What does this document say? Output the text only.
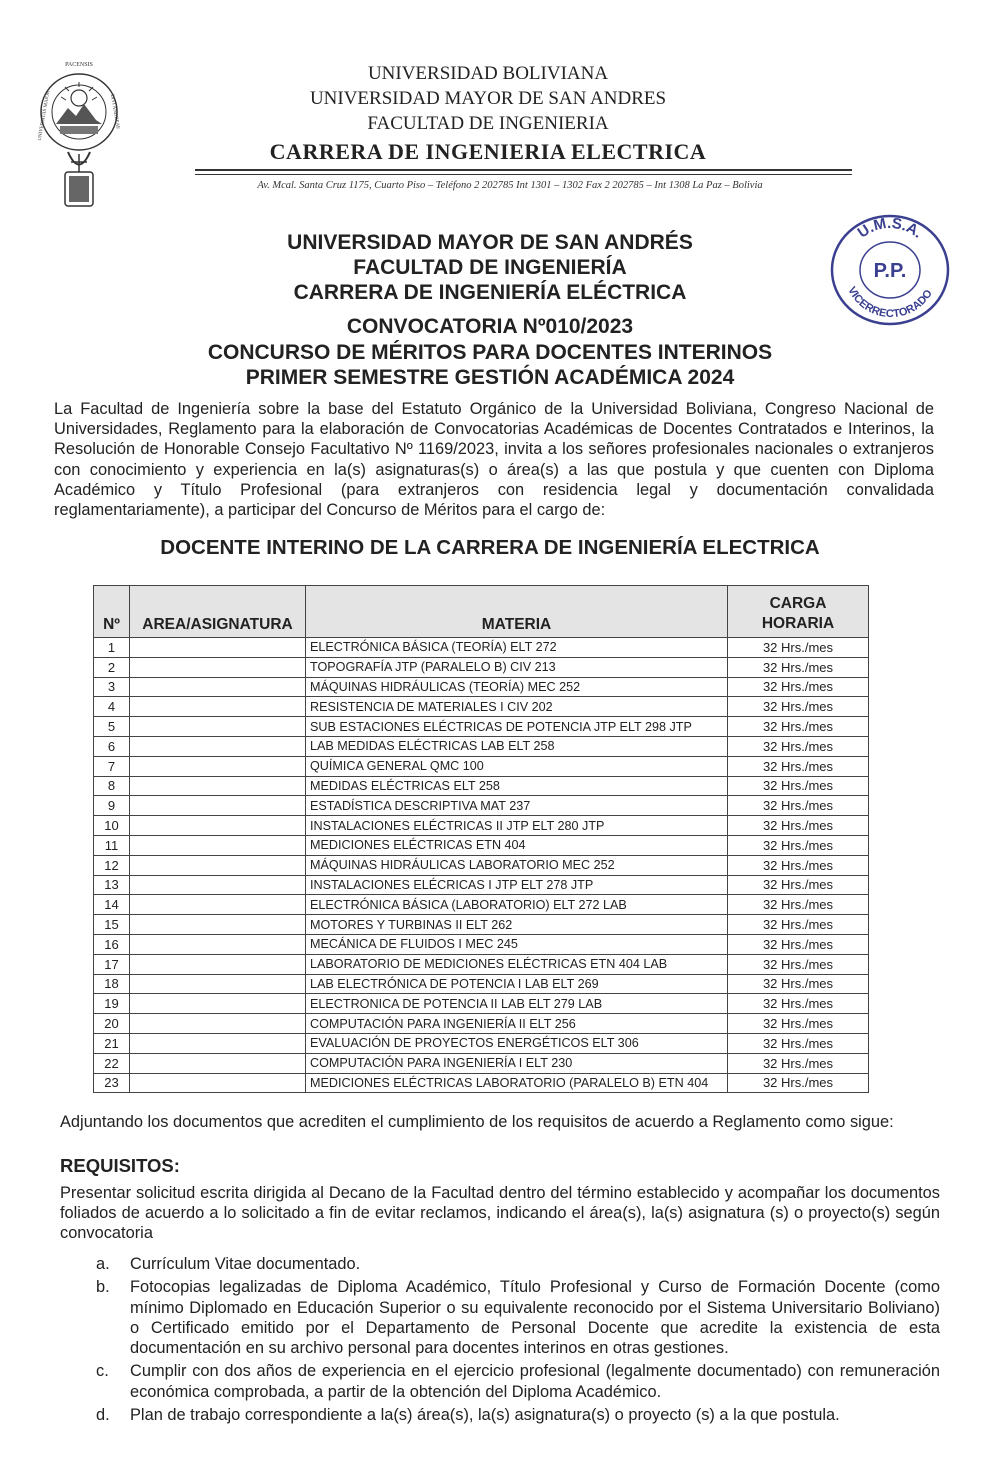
PACENSIS
UNIVERSITAS MAJOR	DIVI ANDREAE
UNIVERSIDAD BOLIVIANA
UNIVERSIDAD MAYOR DE SAN ANDRES
FACULTAD DE INGENIERIA
CARRERA DE INGENIERIA ELECTRICA
Av. Mcal. Santa Cruz 1175, Cuarto Piso – Teléfono 2 202785 Int 1301 – 1302 Fax 2 202785 – Int 1308 La Paz – Bolivia
U.M.S.A.
P.P.
VICERRECTORADO
UNIVERSIDAD MAYOR DE SAN ANDRÉS
FACULTAD DE INGENIERÍA
CARRERA DE INGENIERÍA ELÉCTRICA
CONVOCATORIA Nº010/2023
CONCURSO DE MÉRITOS PARA DOCENTES INTERINOS
PRIMER SEMESTRE GESTIÓN ACADÉMICA 2024
La Facultad de Ingeniería sobre la base del Estatuto Orgánico de la Universidad Boliviana, Congreso Nacional de Universidades, Reglamento para la elaboración de Convocatorias Académicas de Docentes Contratados e Interinos, la Resolución de Honorable Consejo Facultativo Nº 1169/2023, invita a los señores profesionales nacionales o extranjeros con conocimiento y experiencia en la(s) asignaturas(s) o área(s) a las que postula y que cuenten con Diploma Académico y Título Profesional (para extranjeros con residencia legal y documentación convalidada reglamentariamente), a participar del Concurso de Méritos para el cargo de:
DOCENTE INTERINO DE LA CARRERA DE INGENIERÍA ELECTRICA
Nº	AREA/ASIGNATURA	MATERIA	CARGA
HORARIA

1		ELECTRÓNICA BÁSICA (TEORÍA) ELT 272	32 Hrs./mes
2		TOPOGRAFÍA JTP (PARALELO B) CIV 213	32 Hrs./mes
3		MÁQUINAS HIDRÁULICAS (TEORÍA) MEC 252	32 Hrs./mes
4		RESISTENCIA DE MATERIALES I CIV 202	32 Hrs./mes
5		SUB ESTACIONES ELÉCTRICAS DE POTENCIA JTP ELT 298 JTP	32 Hrs./mes
6		LAB MEDIDAS ELÉCTRICAS LAB ELT 258	32 Hrs./mes
7		QUÍMICA GENERAL QMC 100	32 Hrs./mes
8		MEDIDAS ELÉCTRICAS ELT 258	32 Hrs./mes
9		ESTADÍSTICA DESCRIPTIVA MAT 237	32 Hrs./mes
10		INSTALACIONES ELÉCTRICAS II JTP ELT 280 JTP	32 Hrs./mes
11		MEDICIONES ELÉCTRICAS ETN 404	32 Hrs./mes
12		MÁQUINAS HIDRÁULICAS LABORATORIO MEC 252	32 Hrs./mes
13		INSTALACIONES ELÉCRICAS I JTP ELT 278 JTP	32 Hrs./mes
14		ELECTRÓNICA BÁSICA (LABORATORIO) ELT 272 LAB	32 Hrs./mes
15		MOTORES Y TURBINAS II ELT 262	32 Hrs./mes
16		MECÁNICA DE FLUIDOS I MEC 245	32 Hrs./mes
17		LABORATORIO DE MEDICIONES ELÉCTRICAS ETN 404 LAB	32 Hrs./mes
18		LAB ELECTRÓNICA DE POTENCIA I LAB ELT 269	32 Hrs./mes
19		ELECTRONICA DE POTENCIA II LAB ELT 279 LAB	32 Hrs./mes
20		COMPUTACIÓN PARA INGENIERÍA II ELT 256	32 Hrs./mes
21		EVALUACIÓN DE PROYECTOS ENERGÉTICOS ELT 306	32 Hrs./mes
22		COMPUTACIÓN PARA INGENIERÍA I ELT 230	32 Hrs./mes
23		MEDICIONES ELÉCTRICAS LABORATORIO (PARALELO B) ETN 404	32 Hrs./mes
Adjuntando los documentos que acrediten el cumplimiento de los requisitos de acuerdo a Reglamento como sigue:
REQUISITOS:
Presentar solicitud escrita dirigida al Decano de la Facultad dentro del término establecido y acompañar los documentos foliados de acuerdo a lo solicitado a fin de evitar reclamos, indicando el área(s), la(s) asignatura (s) o proyecto(s) según convocatoria
a. Currículum Vitae documentado.
b. Fotocopias legalizadas de Diploma Académico, Título Profesional y Curso de Formación Docente (como mínimo Diplomado en Educación Superior o su equivalente reconocido por el Sistema Universitario Boliviano) o Certificado emitido por el Departamento de Personal Docente que acredite la existencia de esta documentación en su archivo personal para docentes interinos en otras gestiones.
c. Cumplir con dos años de experiencia en el ejercicio profesional (legalmente documentado) con remuneración económica comprobada, a partir de la obtención del Diploma Académico.
d. Plan de trabajo correspondiente a la(s) área(s), la(s) asignatura(s) o proyecto (s) a la que postula.
